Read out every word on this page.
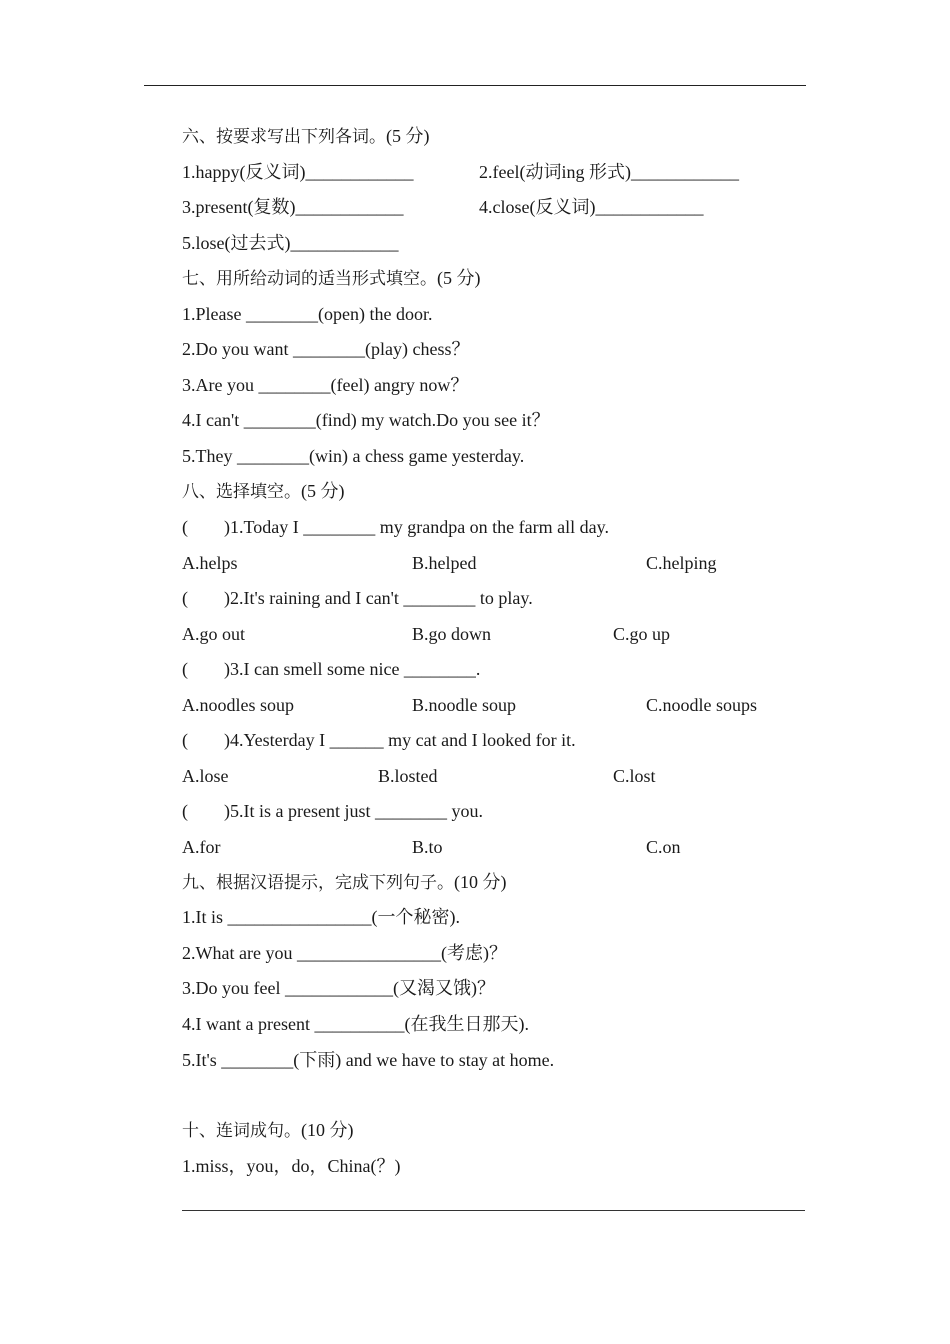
六、按要求写出下列各词。(5 分)
1.happy(反义词)____________	2.feel(动词ing 形式)____________
3.present(复数)____________	4.close(反义词)____________
5.lose(过去式)____________
七、用所给动词的适当形式填空。(5 分)
1.Please ________(open) the door.
2.Do you want ________(play) chess？
3.Are you ________(feel) angry now？
4.I can't ________(find) my watch.Do you see it？
5.They ________(win) a chess game yesterday.
八、选择填空。(5 分)
(        )1.Today I ________ my grandpa on the farm all day.
A.helps	B.helped	C.helping
(        )2.It's raining and I can't ________ to play.
A.go out	B.go down	C.go up
(        )3.I can smell some nice ________.
A.noodles soup	B.noodle soup	C.noodle soups
(        )4.Yesterday I ______ my cat and I looked for it.
A.lose	B.losted	C.lost
(        )5.It is a present just ________ you.
A.for	B.to	C.on
九、根据汉语提示，完成下列句子。(10 分)
1.It is ________________(一个秘密).
2.What are you ________________(考虑)？
3.Do you feel ____________(又渴又饿)？
4.I want a present __________(在我生日那天).
5.It's ________(下雨) and we have to stay at home.
十、连词成句。(10 分)
1.miss，you，do，China(？)
